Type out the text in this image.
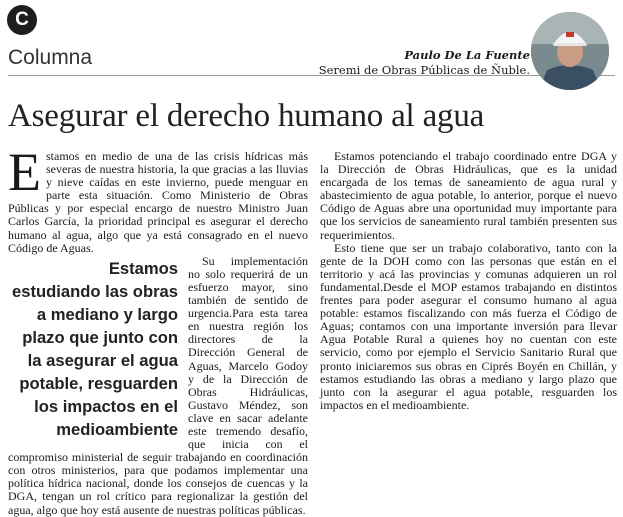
C
Columna	Paulo De La Fuente
Seremi de Obras Públicas de Ñuble.
Asegurar el derecho humano al agua

Estamos en medio de una de las crisis hídricas más severas de nuestra historia, la que gracias a las lluvias y nieve caídas en este invierno, puede menguar en parte esta situación. Como Ministerio de Obras Públicas y por especial encargo de nuestro Ministro Juan Carlos García, la prioridad principal es asegurar el derecho humano al agua, algo que ya está consagrado en el nuevo Código de Aguas.

Estamos estudiando las obras a mediano y largo plazo que junto con la asegurar el agua potable, resguarden los impactos en el medioambiente
Su implementación no solo requerirá de un esfuerzo mayor, sino también de sentido de urgencia.Para esta tarea en nuestra región los directores de la Dirección General de Aguas, Marcelo Godoy y de la Dirección de Obras Hidráulicas, Gustavo Méndez, son clave en sacar adelante este tremendo desafío, que inicia con el compromiso ministerial de seguir trabajando en coordinación con otros ministerios, para que podamos implementar una política hídrica nacional, donde los consejos de cuencas y la DGA, tengan un rol crítico para regionalizar la gestión del agua, algo que hoy está ausente de nuestras políticas públicas.

Estamos potenciando el trabajo coordinado entre DGA y la Dirección de Obras Hidráulicas, que es la unidad encargada de los temas de saneamiento de agua rural y abastecimiento de agua potable, lo anterior, porque el nuevo Código de Aguas abre una oportunidad muy importante para que los servicios de saneamiento rural también presenten sus requerimientos.

Esto tiene que ser un trabajo colaborativo, tanto con la gente de la DOH como con las personas que están en el territorio y acá las provincias y comunas adquieren un rol fundamental.Desde el MOP estamos trabajando en distintos frentes para poder asegurar el consumo humano al agua potable: estamos fiscalizando con más fuerza el Código de Aguas; contamos con una importante inversión para llevar Agua Potable Rural a quienes hoy no cuentan con este servicio, como por ejemplo el Servicio Sanitario Rural que pronto iniciaremos sus obras en Ciprés Boyén en Chillán, y estamos estudiando las obras a mediano y largo plazo que junto con la asegurar el agua potable, resguarden los impactos en el medioambiente.
